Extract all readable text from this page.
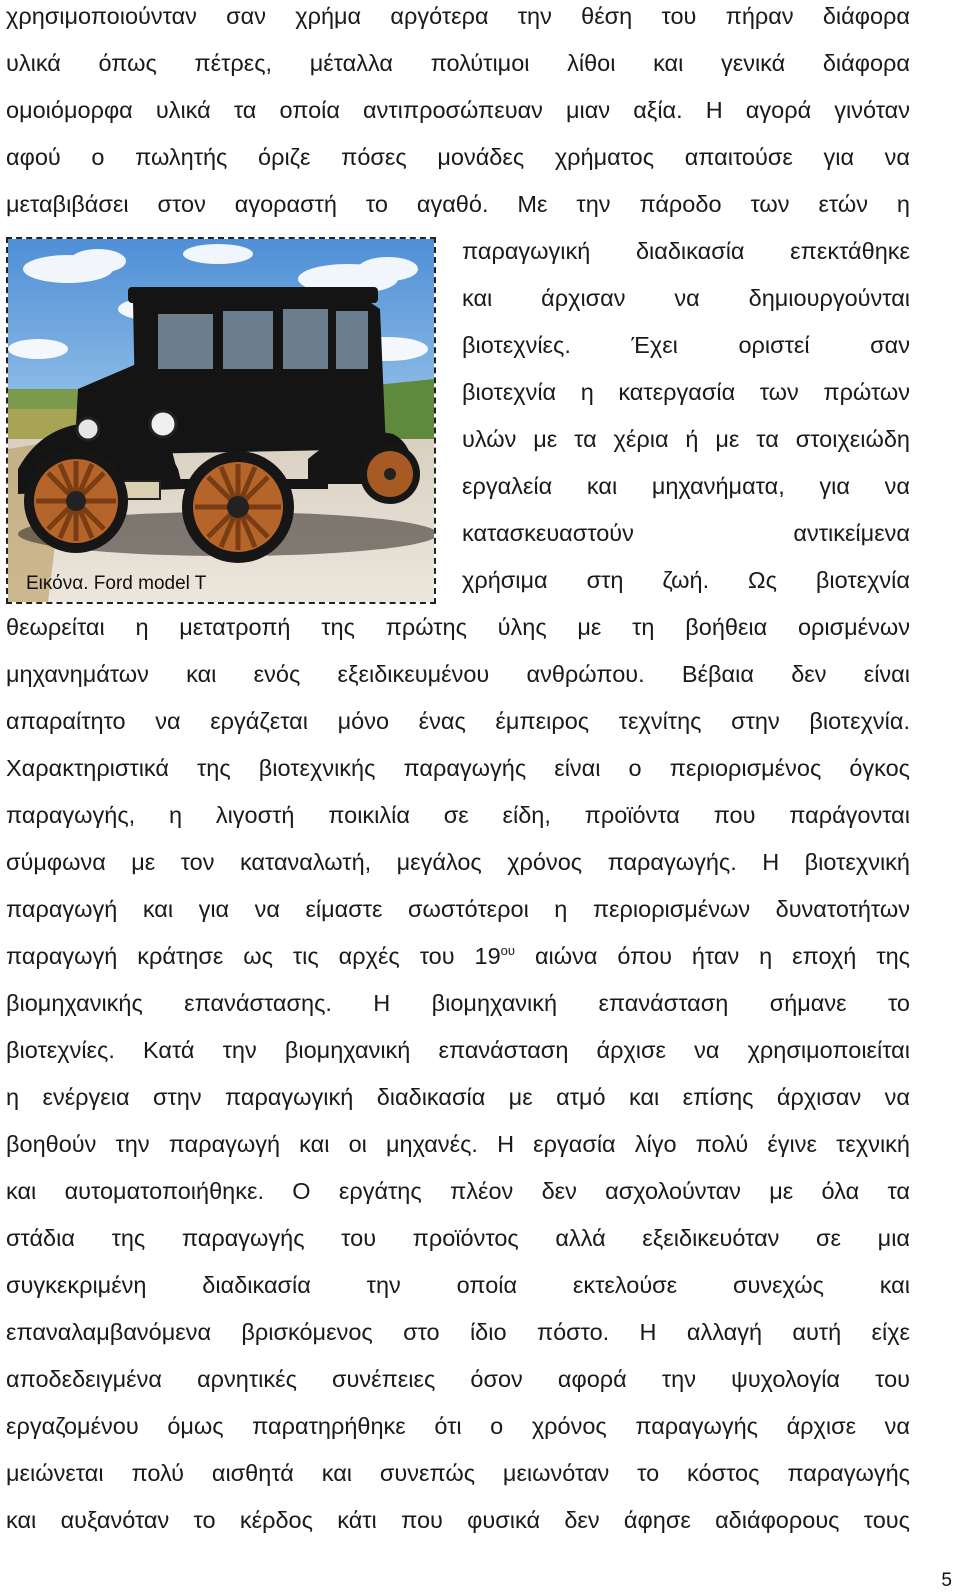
χρησιμοποιούνταν σαν χρήμα αργότερα την θέση του πήραν διάφορα
υλικά όπως πέτρες, μέταλλα πολύτιμοι λίθοι και γενικά διάφορα
ομοιόμορφα υλικά τα οποία αντιπροσώπευαν μιαν αξία. Η αγορά γινόταν
αφού ο πωλητής όριζε πόσες μονάδες χρήματος απαιτούσε για να
μεταβιβάσει στον αγοραστή το αγαθό. Με την πάροδο των ετών η
παραγωγική διαδικασία επεκτάθηκε
και άρχισαν να δημιουργούνται
βιοτεχνίες. Έχει οριστεί σαν
βιοτεχνία η κατεργασία των πρώτων
υλών με τα χέρια ή με τα στοιχειώδη
εργαλεία και μηχανήματα, για να
κατασκευαστούν αντικείμενα
χρήσιμα στη ζωή. Ως βιοτεχνία
θεωρείται η μετατροπή της πρώτης ύλης με τη βοήθεια ορισμένων
μηχανημάτων και ενός εξειδικευμένου ανθρώπου. Βέβαια δεν είναι
απαραίτητο να εργάζεται μόνο ένας έμπειρος τεχνίτης στην βιοτεχνία.
Χαρακτηριστικά της βιοτεχνικής παραγωγής είναι ο περιορισμένος όγκος
παραγωγής, η λιγοστή ποικιλία σε είδη, προϊόντα που παράγονται
σύμφωνα με τον καταναλωτή, μεγάλος χρόνος παραγωγής. Η βιοτεχνική
παραγωγή και για να είμαστε σωστότεροι η περιορισμένων δυνατοτήτων
παραγωγή κράτησε ως τις αρχές του $19^{o\upsilon}$ αιώνα όπου ήταν η εποχή της
βιομηχανικής επανάστασης. Η βιομηχανική επανάσταση σήμανε το
βιοτεχνίες. Κατά την βιομηχανική επανάσταση άρχισε να χρησιμοποιείται
η ενέργεια στην παραγωγική διαδικασία με ατμό και επίσης άρχισαν να
βοηθούν την παραγωγή και οι μηχανές. Η εργασία λίγο πολύ έγινε τεχνική
και αυτοματοποιήθηκε. Ο εργάτης πλέον δεν ασχολούνταν με όλα τα
στάδια της παραγωγής του προϊόντος αλλά εξειδικευόταν σε μια
συγκεκριμένη διαδικασία την οποία εκτελούσε συνεχώς και
επαναλαμβανόμενα βρισκόμενος στο ίδιο πόστο. Η αλλαγή αυτή είχε
αποδεδειγμένα αρνητικές συνέπειες όσον αφορά την ψυχολογία του
εργαζομένου όμως παρατηρήθηκε ότι ο χρόνος παραγωγής άρχισε να
μειώνεται πολύ αισθητά και συνεπώς μειωνόταν το κόστος παραγωγής
και αυξανόταν το κέρδος κάτι που φυσικά δεν άφησε αδιάφορους τους
Εικόνα. Ford model T
5
